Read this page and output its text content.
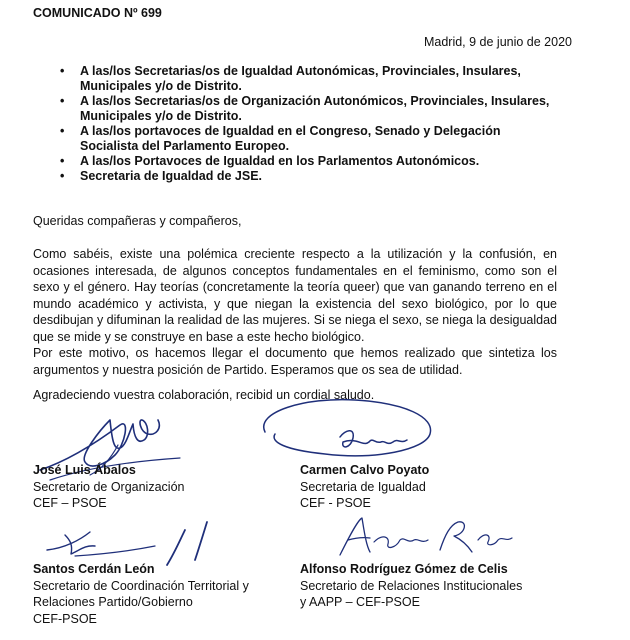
COMUNICADO Nº 699
Madrid, 9 de junio de 2020
• A las/los Secretarias/os de Igualdad Autonómicas, Provinciales, Insulares, Municipales y/o de Distrito.
• A las/los Secretarias/os de Organización Autonómicos, Provinciales, Insulares, Municipales y/o de Distrito.
• A las/los portavoces de Igualdad en el Congreso, Senado y Delegación Socialista del Parlamento Europeo.
• A las/los Portavoces de Igualdad en los Parlamentos Autonómicos.
• Secretaria de Igualdad de JSE.

Queridas compañeras y compañeros,

Como sabéis, existe una polémica creciente respecto a la utilización y la confusión, en ocasiones interesada, de algunos conceptos fundamentales en el feminismo, como son el sexo y el género. Hay teorías (concretamente la teoría queer) que van ganando terreno en el mundo académico y activista, y que niegan la existencia del sexo biológico, por lo que desdibujan y difuminan la realidad de las mujeres. Si se niega el sexo, se niega la desigualdad que se mide y se construye en base a este hecho biológico.

Por este motivo, os hacemos llegar el documento que hemos realizado que sintetiza los argumentos y nuestra posición de Partido. Esperamos que os sea de utilidad.

Agradeciendo vuestra colaboración, recibid un cordial saludo.

José Luis Ábalos
Secretario de Organización
CEF – PSOE
Carmen Calvo Poyato
Secretaria de Igualdad
CEF - PSOE
Santos Cerdán León
Secretario de Coordinación Territorial y
Relaciones Partido/Gobierno
CEF-PSOE
Alfonso Rodríguez Gómez de Celis
Secretario de Relaciones Institucionales
y AAPP – CEF-PSOE
